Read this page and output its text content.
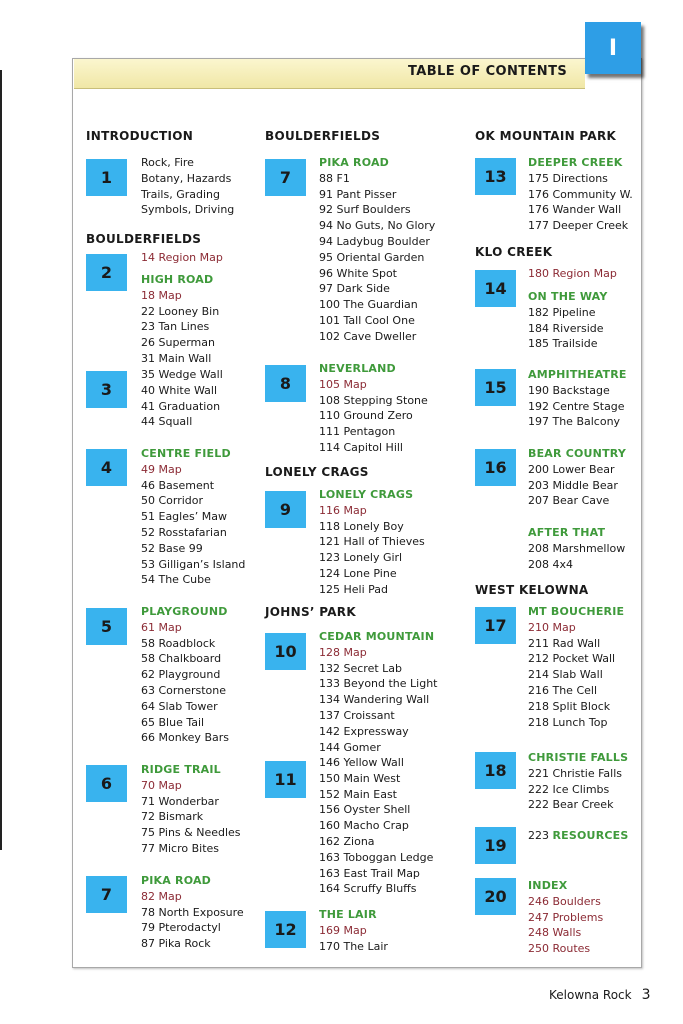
TABLE OF CONTENTS
I
INTRODUCTION
1
Rock, Fire
Botany, Hazards
Trails, Grading
Symbols, Driving
BOULDERFIELDS
2
14 Region Map
HIGH ROAD
18 Map
22 Looney Bin
23 Tan Lines
26 Superman
31 Main Wall
3
35 Wedge Wall
40 White Wall
41 Graduation
44 Squall
4
CENTRE FIELD
49 Map
46 Basement
50 Corridor
51 Eagles’ Maw
52 Rosstafarian
52 Base 99
53 Gilligan’s Island
54 The Cube
5
PLAYGROUND
61 Map
58 Roadblock
58 Chalkboard
62 Playground
63 Cornerstone
64 Slab Tower
65 Blue Tail
66 Monkey Bars
6
RIDGE TRAIL
70 Map
71 Wonderbar
72 Bismark
75 Pins & Needles
77 Micro Bites
7
PIKA ROAD
82 Map
78 North Exposure
79 Pterodactyl
87 Pika Rock
BOULDERFIELDS
7
PIKA ROAD
88 F1
91 Pant Pisser
92 Surf Boulders
94 No Guts, No Glory
94 Ladybug Boulder
95 Oriental Garden
96 White Spot
97 Dark Side
100 The Guardian
101 Tall Cool One
102 Cave Dweller
8
NEVERLAND
105 Map
108 Stepping Stone
110 Ground Zero
111 Pentagon
114 Capitol Hill
LONELY CRAGS
9
LONELY CRAGS
116 Map
118 Lonely Boy
121 Hall of Thieves
123 Lonely Girl
124 Lone Pine
125 Heli Pad
JOHNS’ PARK
10
CEDAR MOUNTAIN
128 Map
132 Secret Lab
133 Beyond the Light
134 Wandering Wall
137 Croissant
142 Expressway
144 Gomer
11
146 Yellow Wall
150 Main West
152 Main East
156 Oyster Shell
160 Macho Crap
162 Ziona
163 Toboggan Ledge
163 East Trail Map
164 Scruffy Bluffs
12
THE LAIR
169 Map
170 The Lair
OK MOUNTAIN PARK
13
DEEPER CREEK
175 Directions
176 Community W.
176 Wander Wall
177 Deeper Creek
KLO CREEK
14
180 Region Map
ON THE WAY
182 Pipeline
184 Riverside
185 Trailside
15
AMPHITHEATRE
190 Backstage
192 Centre Stage
197 The Balcony
16
BEAR COUNTRY
200 Lower Bear
203 Middle Bear
207 Bear Cave
AFTER THAT
208 Marshmellow
208 4x4
WEST KELOWNA
17
MT BOUCHERIE
210 Map
211 Rad Wall
212 Pocket Wall
214 Slab Wall
216 The Cell
218 Split Block
218 Lunch Top
18
CHRISTIE FALLS
221 Christie Falls
222 Ice Climbs
222 Bear Creek
19
223 RESOURCES
20
INDEX
246 Boulders
247 Problems
248 Walls
250 Routes
Kelowna Rock 3
